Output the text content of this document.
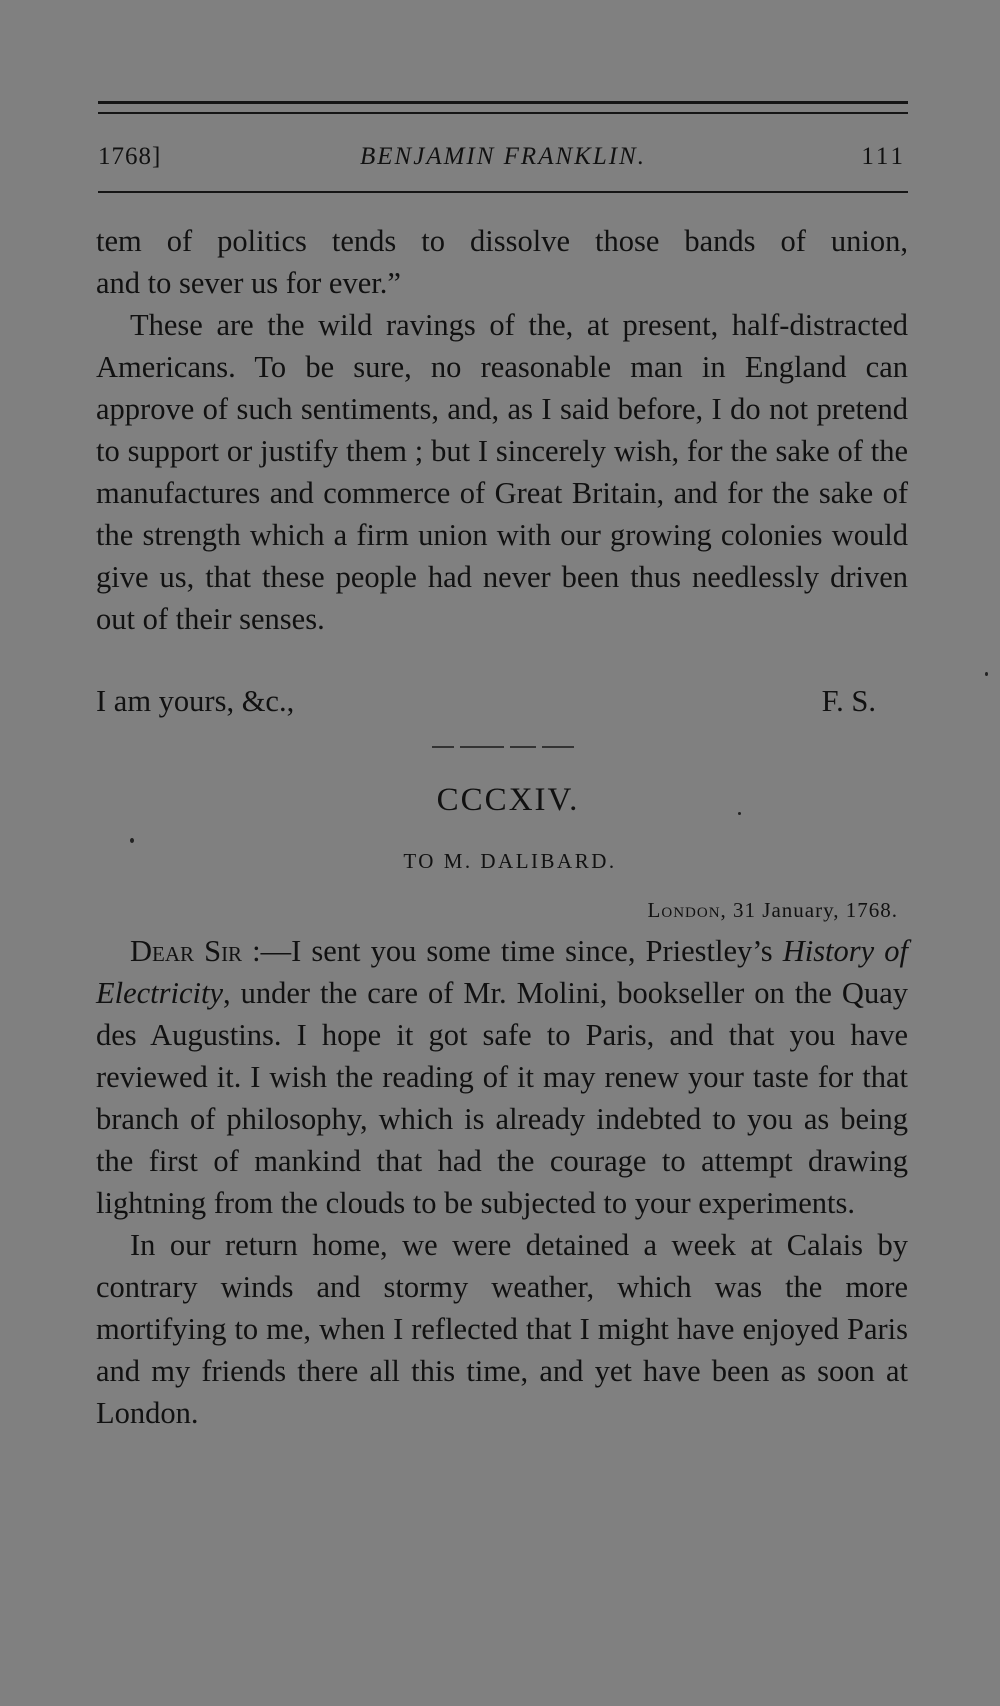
1768]	BENJAMIN FRANKLIN.	111

tem of politics tends to dissolve those bands of union,

and to sever us for ever.”

These are the wild ravings of the, at present, half-distracted Americans. To be sure, no reasonable man in England can approve of such sentiments, and, as I said before, I do not pretend to support or justify them ; but I sincerely wish, for the sake of the manufactures and commerce of Great Britain, and for the sake of the strength which a firm union with our growing colonies would give us, that these people had never been thus needlessly driven out of their senses.

I am yours, &c.,	F. S.
CCCXIV.
TO M. DALIBARD.
London, 31 January, 1768.

Dear Sir :—I sent you some time since, Priestley’s History of Electricity, under the care of Mr. Molini, bookseller on the Quay des Augustins. I hope it got safe to Paris, and that you have reviewed it. I wish the reading of it may renew your taste for that branch of philosophy, which is already indebted to you as being the first of mankind that had the courage to attempt drawing lightning from the clouds to be subjected to your experiments.

In our return home, we were detained a week at Calais by contrary winds and stormy weather, which was the more mortifying to me, when I reflected that I might have enjoyed Paris and my friends there all this time, and yet have been as soon at London.
